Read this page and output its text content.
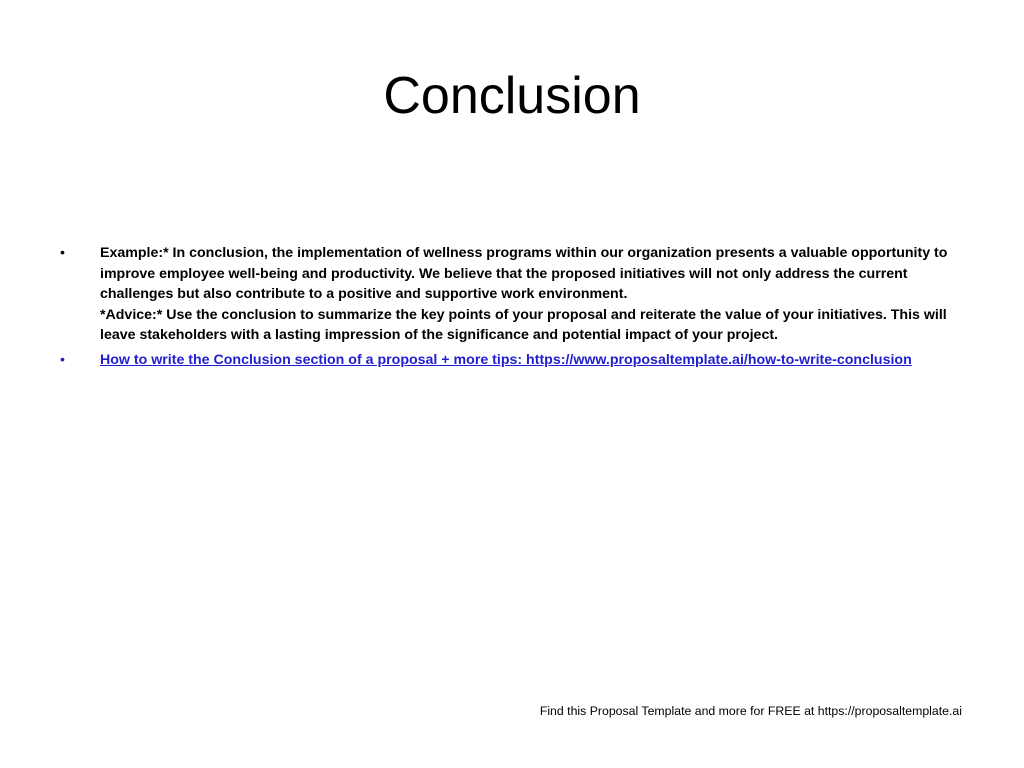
Conclusion
• Example:* In conclusion, the implementation of wellness programs within our organization presents a valuable opportunity to improve employee well-being and productivity. We believe that the proposed initiatives will not only address the current challenges but also contribute to a positive and supportive work environment.
*Advice:* Use the conclusion to summarize the key points of your proposal and reiterate the value of your initiatives. This will leave stakeholders with a lasting impression of the significance and potential impact of your project.
• How to write the Conclusion section of a proposal + more tips: https://www.proposaltemplate.ai/how-to-write-conclusion
Find this Proposal Template and more for FREE at https://proposaltemplate.ai
